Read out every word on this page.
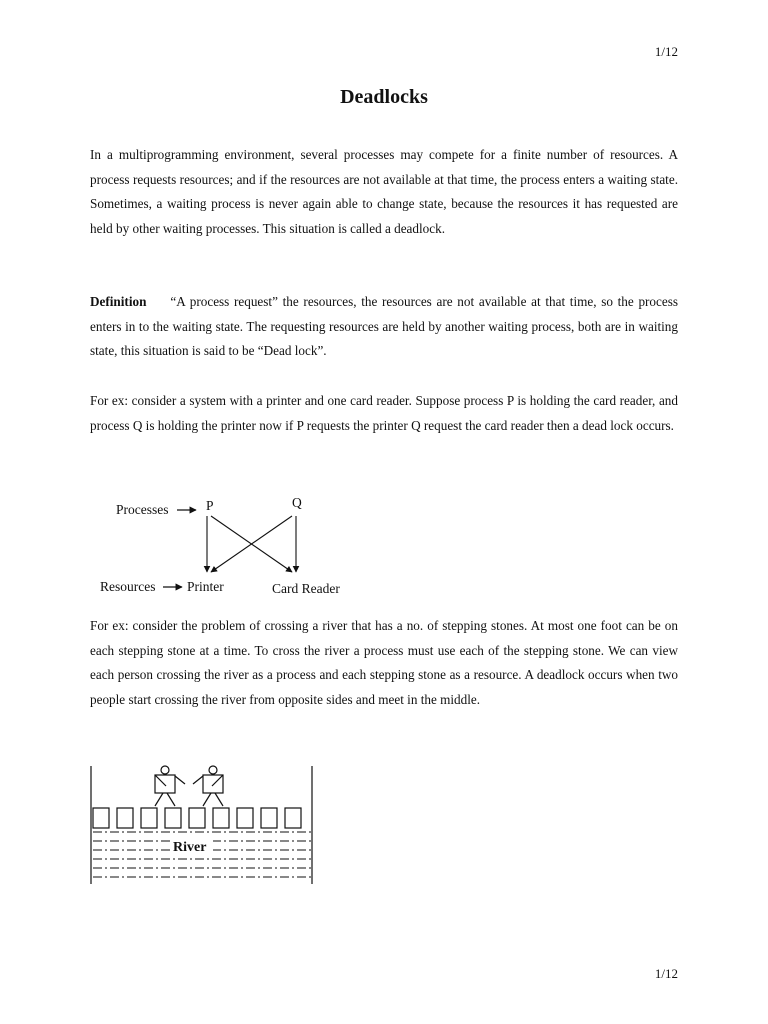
1/12
Deadlocks

In a multiprogramming environment, several processes may compete for a finite number of resources. A process requests resources; and if the resources are not available at that time, the process enters a waiting state. Sometimes, a waiting process is never again able to change state, because the resources it has requested are held by other waiting processes. This situation is called a deadlock.

Definition “A process request” the resources, the resources are not available at that time, so the process enters in to the waiting state. The requesting resources are held by another waiting process, both are in waiting state, this situation is said to be “Dead lock”.

For ex: consider a system with a printer and one card reader. Suppose process P is holding the card reader, and process Q is holding the printer now if P requests the printer Q request the card reader then a dead lock occurs.

Processes	P	Q
Resources Printer	Card Reader

For ex: consider the problem of crossing a river that has a no. of stepping stones. At most one foot can be on each stepping stone at a time. To cross the river a process must use each of the stepping stone. We can view each person crossing the river as a process and each stepping stone as a resource. A deadlock occurs when two people start crossing the river from opposite sides and meet in the middle.

River
1/12
